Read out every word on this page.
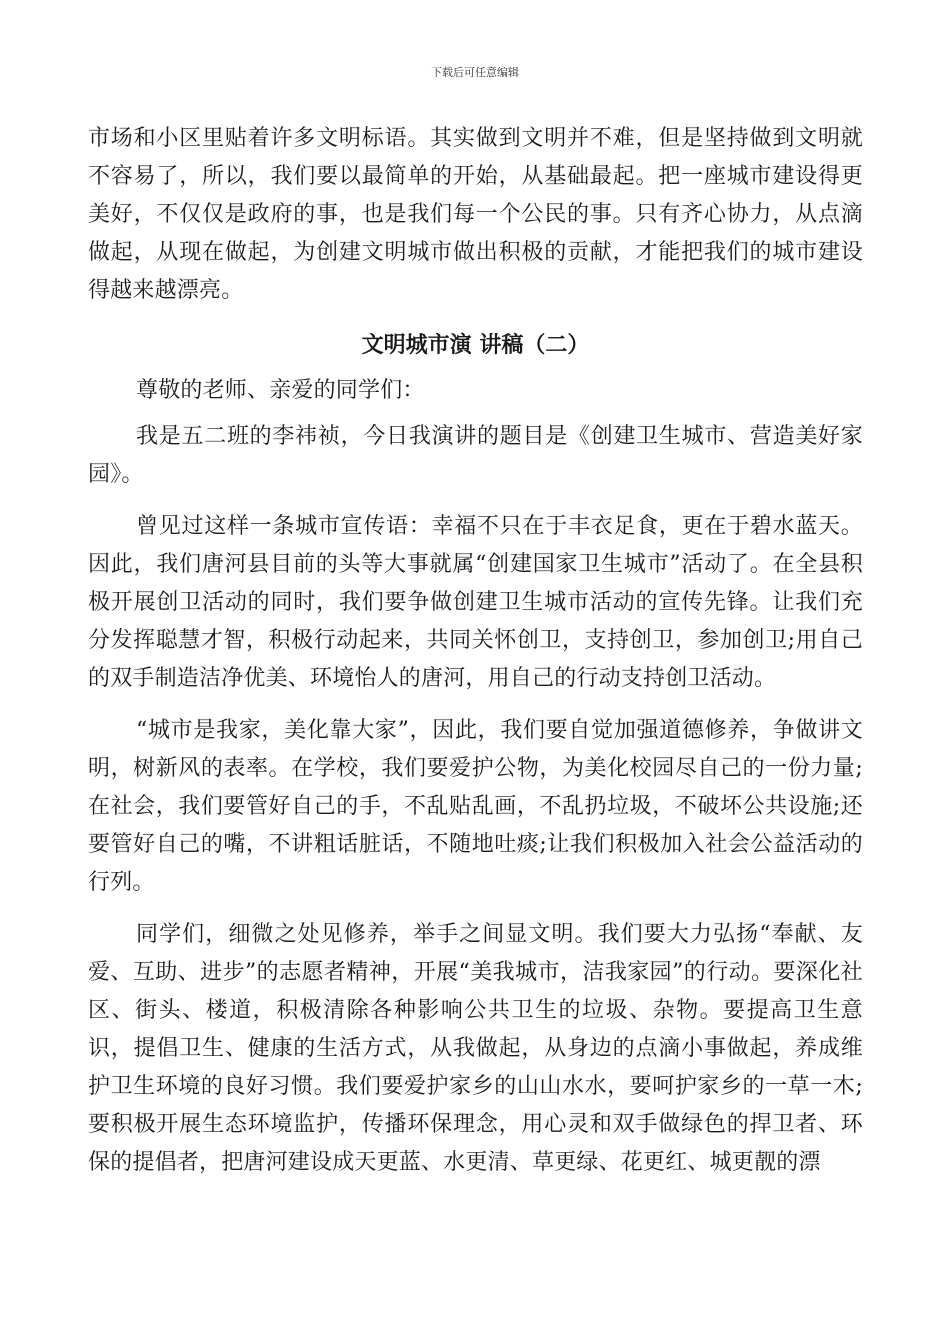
下载后可任意编辑

市场和小区里贴着许多文明标语。其实做到文明并不难，但是坚持做到文明就不容易了，所以，我们要以最简单的开始，从基础最起。把一座城市建设得更美好，不仅仅是政府的事，也是我们每一个公民的事。只有齐心协力，从点滴做起，从现在做起，为创建文明城市做出积极的贡献，才能把我们的城市建设得越来越漂亮。

文明城市演 讲稿（二）

尊敬的老师、亲爱的同学们：

我是五二班的李祎祯，今日我演讲的题目是《创建卫生城市、营造美好家园》。

曾见过这样一条城市宣传语：幸福不只在于丰衣足食，更在于碧水蓝天。因此，我们唐河县目前的头等大事就属“创建国家卫生城市”活动了。在全县积极开展创卫活动的同时，我们要争做创建卫生城市活动的宣传先锋。让我们充分发挥聪慧才智，积极行动起来，共同关怀创卫，支持创卫，参加创卫;用自己的双手制造洁净优美、环境怡人的唐河，用自己的行动支持创卫活动。

“城市是我家，美化靠大家”，因此，我们要自觉加强道德修养，争做讲文明，树新风的表率。在学校，我们要爱护公物，为美化校园尽自己的一份力量;在社会，我们要管好自己的手，不乱贴乱画，不乱扔垃圾，不破坏公共设施;还要管好自己的嘴，不讲粗话脏话，不随地吐痰;让我们积极加入社会公益活动的行列。

同学们，细微之处见修养，举手之间显文明。我们要大力弘扬“奉献、友爱、互助、进步”的志愿者精神，开展“美我城市，洁我家园”的行动。要深化社区、街头、楼道，积极清除各种影响公共卫生的垃圾、杂物。要提高卫生意识，提倡卫生、健康的生活方式，从我做起，从身边的点滴小事做起，养成维护卫生环境的良好习惯。我们要爱护家乡的山山水水，要呵护家乡的一草一木;要积极开展生态环境监护，传播环保理念，用心灵和双手做绿色的捍卫者、环保的提倡者，把唐河建设成天更蓝、水更清、草更绿、花更红、城更靓的漂
